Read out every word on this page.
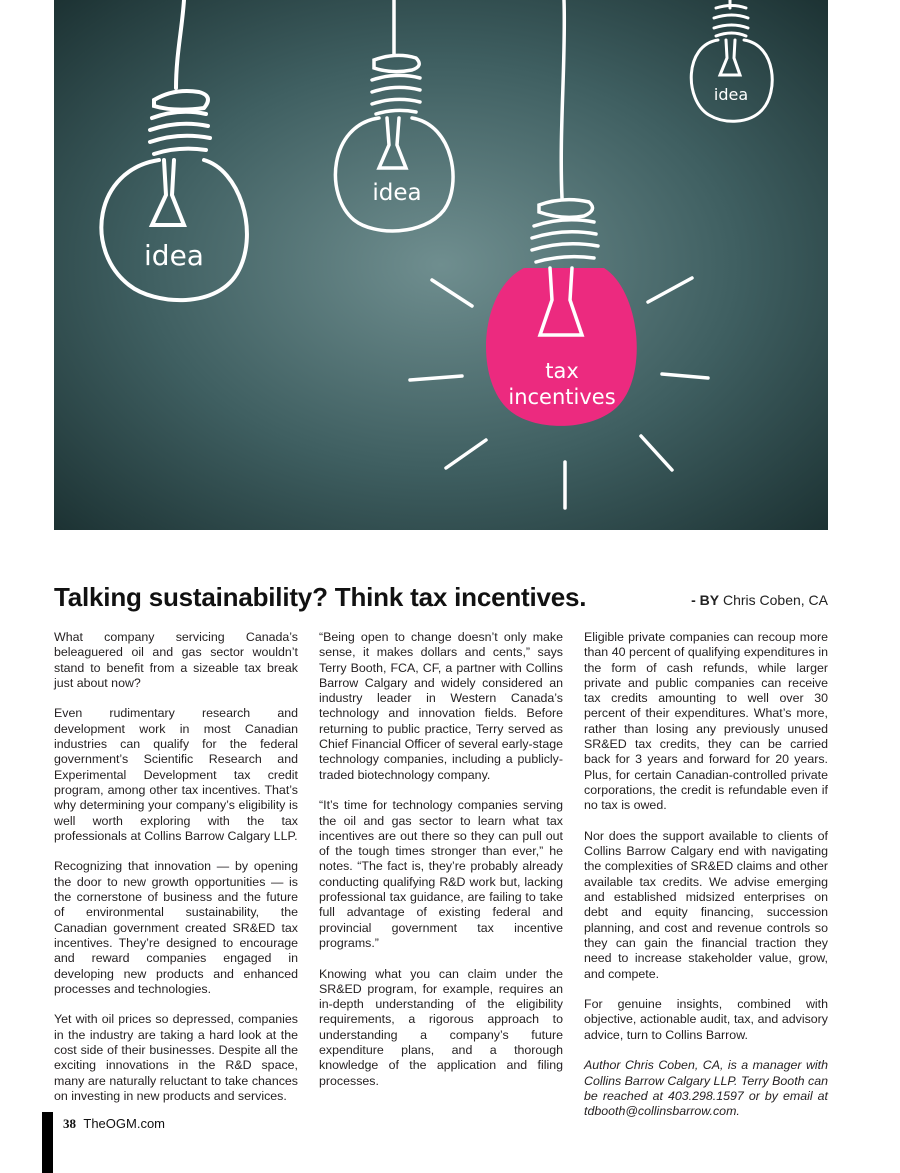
idea
idea
idea
tax
incentives
Talking sustainability? Think tax incentives.	- BY Chris Coben, CA

What company servicing Canada’s beleaguered oil and gas sector wouldn’t stand to benefit from a sizeable tax break just about now?

Even rudimentary research and development work in most Canadian industries can qualify for the federal government’s Scientific Research and Experimental Development tax credit program, among other tax incentives. That’s why determining your company’s eligibility is well worth exploring with the tax professionals at Collins Barrow Calgary LLP.

Recognizing that innovation — by opening the door to new growth opportunities — is the cornerstone of business and the future of environmental sustainability, the Canadian government created SR&ED tax incentives. They’re designed to encourage and reward companies engaged in developing new products and enhanced processes and technologies.

Yet with oil prices so depressed, companies in the industry are taking a hard look at the cost side of their businesses. Despite all the exciting innovations in the R&D space, many are naturally reluctant to take chances on investing in new products and services.

“Being open to change doesn’t only make sense, it makes dollars and cents,” says Terry Booth, FCA, CF, a partner with Collins Barrow Calgary and widely considered an industry leader in Western Canada’s technology and innovation fields. Before returning to public practice, Terry served as Chief Financial Officer of several early-stage technology companies, including a publicly-traded biotechnology company.

“It’s time for technology companies serving the oil and gas sector to learn what tax incentives are out there so they can pull out of the tough times stronger than ever,” he notes. “The fact is, they’re probably already conducting qualifying R&D work but, lacking professional tax guidance, are failing to take full advantage of existing federal and provincial government tax incentive programs.”

Knowing what you can claim under the SR&ED program, for example, requires an in-depth understanding of the eligibility requirements, a rigorous approach to understanding a company’s future expenditure plans, and a thorough knowledge of the application and filing processes.

Eligible private companies can recoup more than 40 percent of qualifying expenditures in the form of cash refunds, while larger private and public companies can receive tax credits amounting to well over 30 percent of their expenditures. What’s more, rather than losing any previously unused SR&ED tax credits, they can be carried back for 3 years and forward for 20 years. Plus, for certain Canadian-controlled private corporations, the credit is refundable even if no tax is owed.

Nor does the support available to clients of Collins Barrow Calgary end with navigating the complexities of SR&ED claims and other available tax credits. We advise emerging and established midsized enterprises on debt and equity financing, succession planning, and cost and revenue controls so they can gain the financial traction they need to increase stakeholder value, grow, and compete.

For genuine insights, combined with objective, actionable audit, tax, and advisory advice, turn to Collins Barrow.

Author Chris Coben, CA, is a manager with Collins Barrow Calgary LLP. Terry Booth can be reached at 403.298.1597 or by email at tdbooth@collinsbarrow.com.

38 TheOGM.com
